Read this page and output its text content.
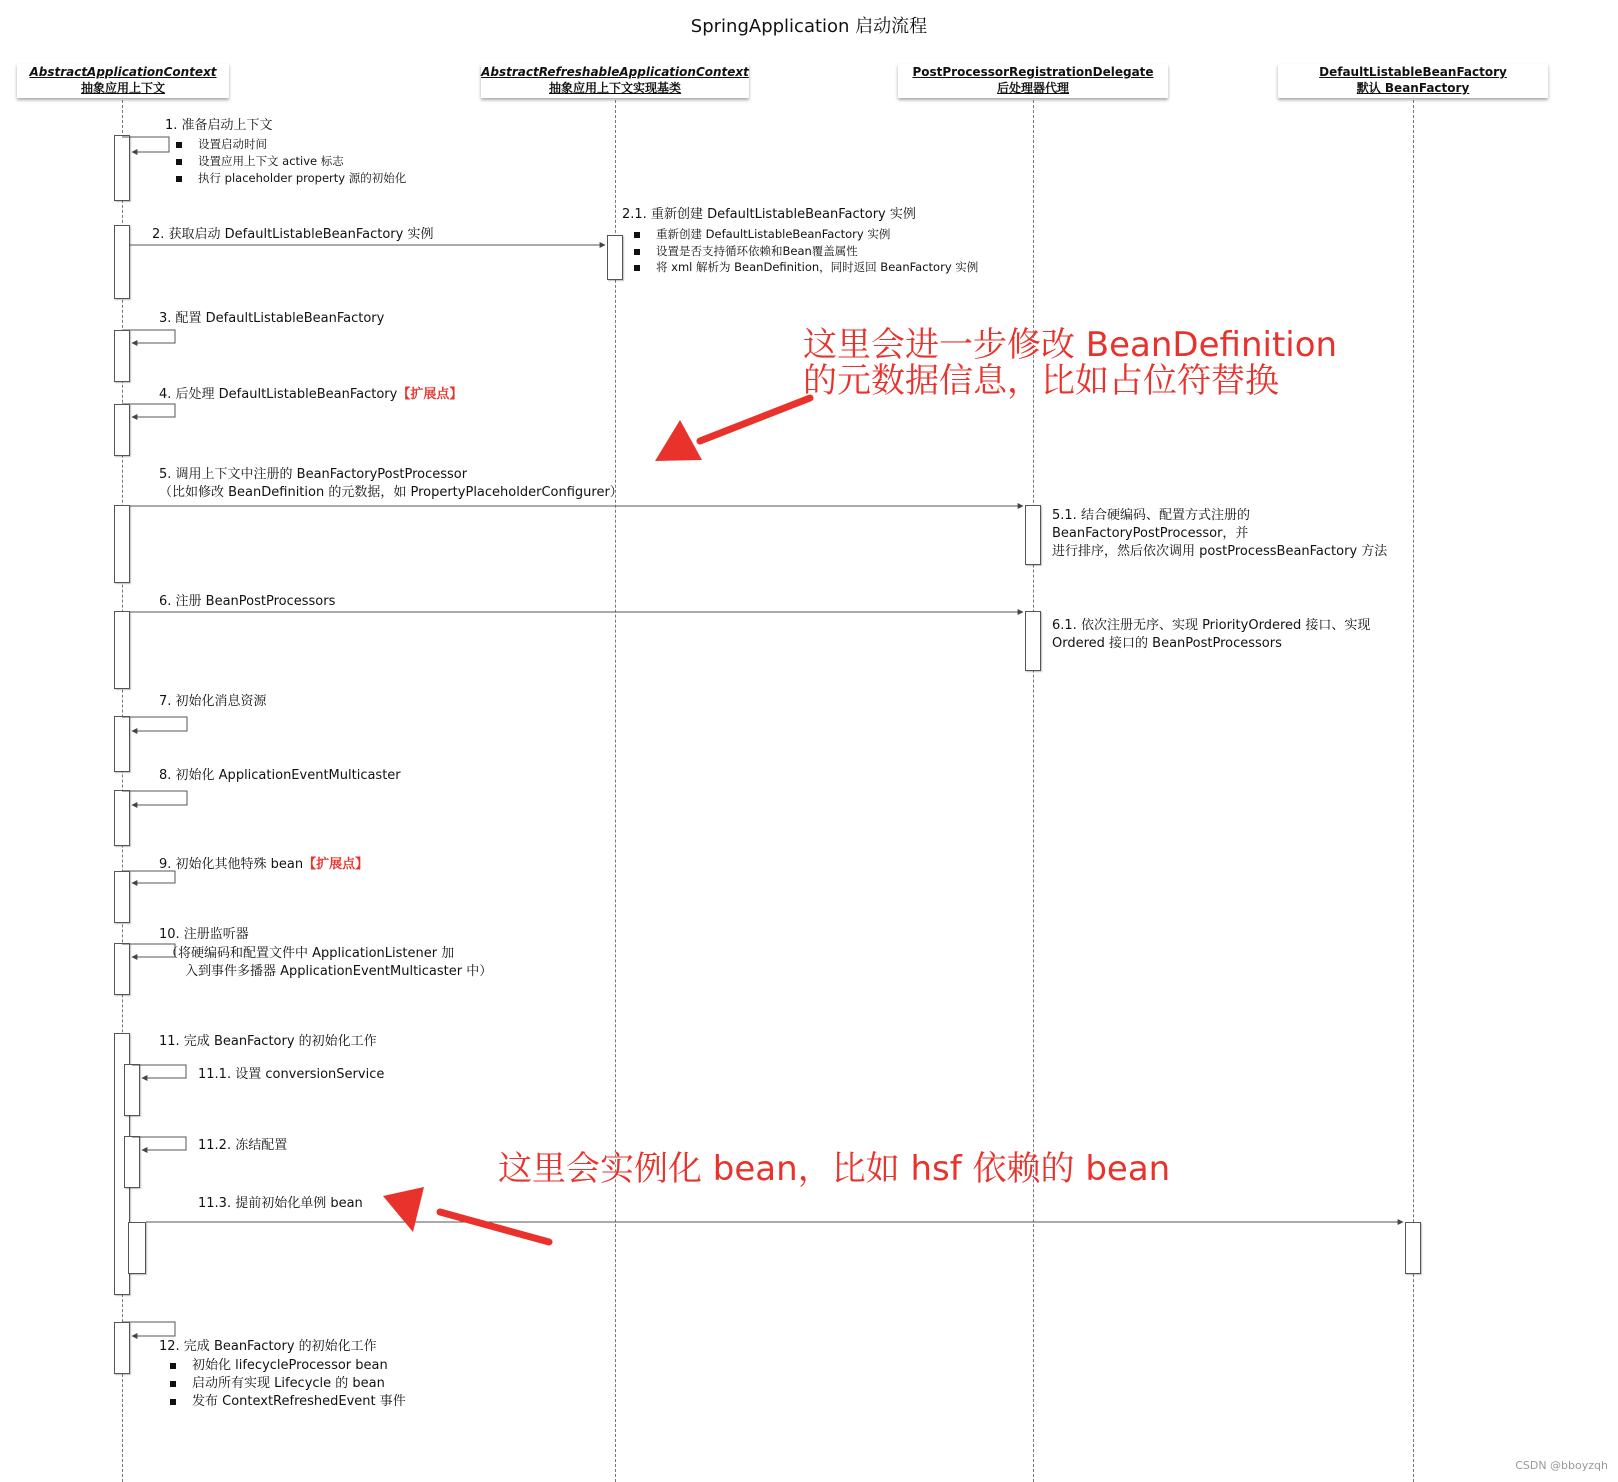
SpringApplication 启动流程
AbstractApplicationContext
抽象应用上下文
AbstractRefreshableApplicationContext
抽象应用上下文实现基类
PostProcessorRegistrationDelegate
后处理器代理
DefaultListableBeanFactory
默认 BeanFactory
1. 准备启动上下文
设置启动时间
设置应用上下文 active 标志
执行 placeholder property 源的初始化
2. 获取启动 DefaultListableBeanFactory 实例
2.1. 重新创建 DefaultListableBeanFactory 实例
重新创建 DefaultListableBeanFactory 实例
设置是否支持循环依赖和Bean覆盖属性
将 xml 解析为 BeanDefinition，同时返回 BeanFactory 实例
3. 配置 DefaultListableBeanFactory
4. 后处理 DefaultListableBeanFactory【扩展点】
5. 调用上下文中注册的 BeanFactoryPostProcessor
（比如修改 BeanDefinition 的元数据，如 PropertyPlaceholderConfigurer）
5.1. 结合硬编码、配置方式注册的
BeanFactoryPostProcessor，并
进行排序，然后依次调用 postProcessBeanFactory 方法
6. 注册 BeanPostProcessors
6.1. 依次注册无序、实现 PriorityOrdered 接口、实现
Ordered 接口的 BeanPostProcessors
7. 初始化消息资源
8. 初始化 ApplicationEventMulticaster
9. 初始化其他特殊 bean【扩展点】
10. 注册监听器
（将硬编码和配置文件中 ApplicationListener 加
入到事件多播器 ApplicationEventMulticaster 中）
11. 完成 BeanFactory 的初始化工作
11.1. 设置 conversionService
11.2. 冻结配置
11.3. 提前初始化单例 bean
12. 完成 BeanFactory 的初始化工作
初始化 lifecycleProcessor bean
启动所有实现 Lifecycle 的 bean
发布 ContextRefreshedEvent 事件
这里会进一步修改 BeanDefinition
的元数据信息，比如占位符替换
这里会实例化 bean，比如 hsf 依赖的 bean
CSDN @bboyzqh
